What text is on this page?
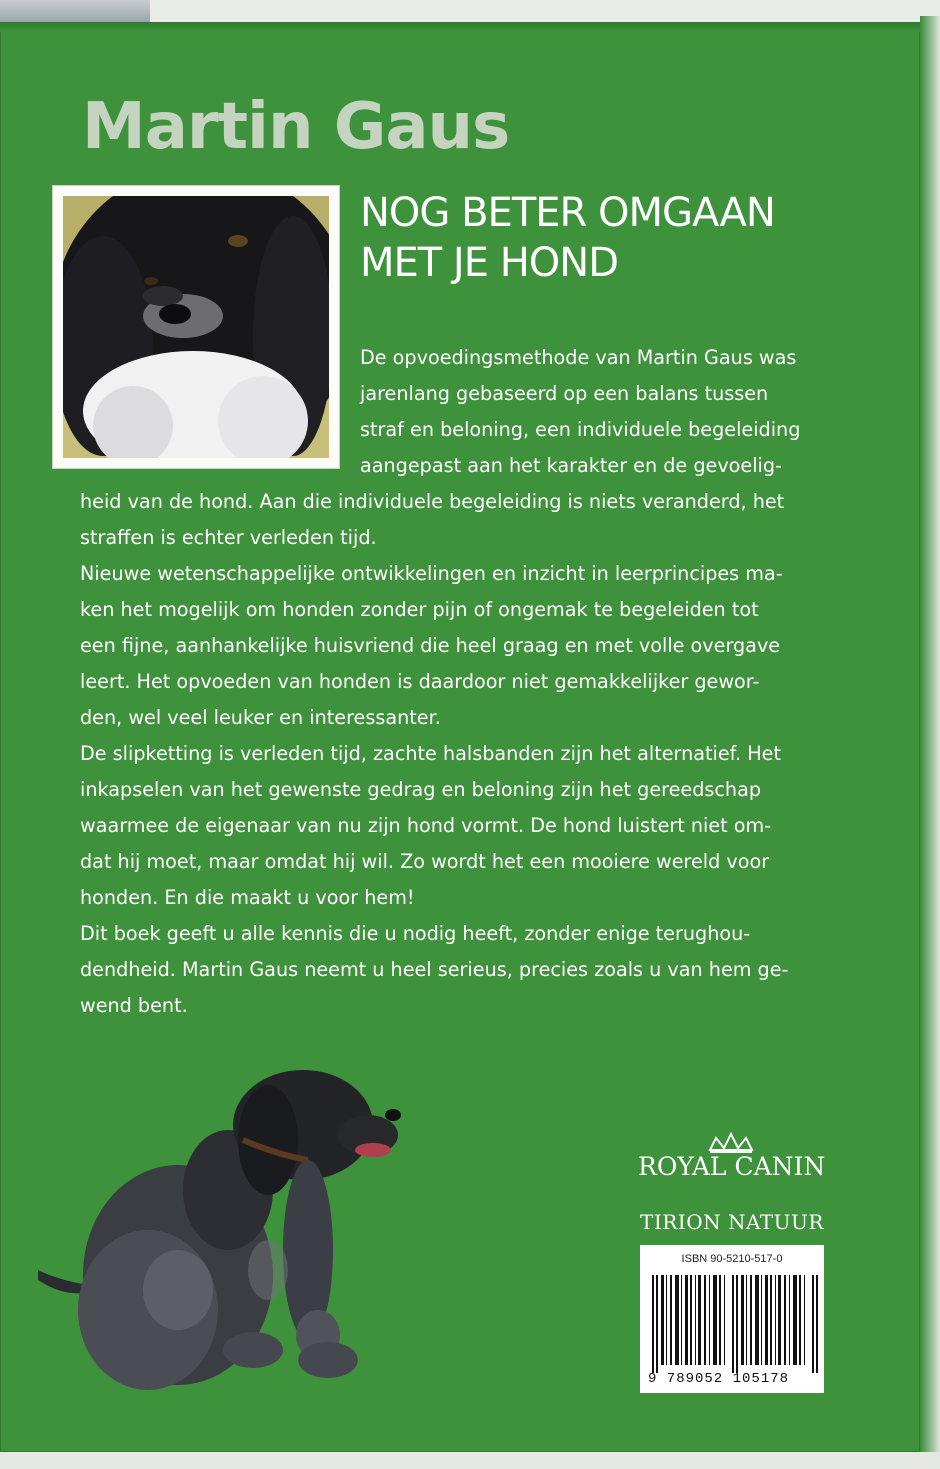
Martin Gaus
NOG BETER OMGAAN
MET JE HOND

De opvoedingsmethode van Martin Gaus was

jarenlang gebaseerd op een balans tussen

straf en beloning, een individuele begeleiding

aangepast aan het karakter en de gevoelig-

heid van de hond. Aan die individuele begeleiding is niets veranderd, het

straffen is echter verleden tijd.

Nieuwe wetenschappelijke ontwikkelingen en inzicht in leerprincipes ma-

ken het mogelijk om honden zonder pijn of ongemak te begeleiden tot

een fijne, aanhankelijke huisvriend die heel graag en met volle overgave

leert. Het opvoeden van honden is daardoor niet gemakkelijker gewor-

den, wel veel leuker en interessanter.

De slipketting is verleden tijd, zachte halsbanden zijn het alternatief. Het

inkapselen van het gewenste gedrag en beloning zijn het gereedschap

waarmee de eigenaar van nu zijn hond vormt. De hond luistert niet om-

dat hij moet, maar omdat hij wil. Zo wordt het een mooiere wereld voor

honden. En die maakt u voor hem!

Dit boek geeft u alle kennis die u nodig heeft, zonder enige terughou-

dendheid. Martin Gaus neemt u heel serieus, precies zoals u van hem ge-

wend bent.

ROYAL CANIN
TIRION NATUUR
ISBN 90-5210-517-0
9 789052 105178
